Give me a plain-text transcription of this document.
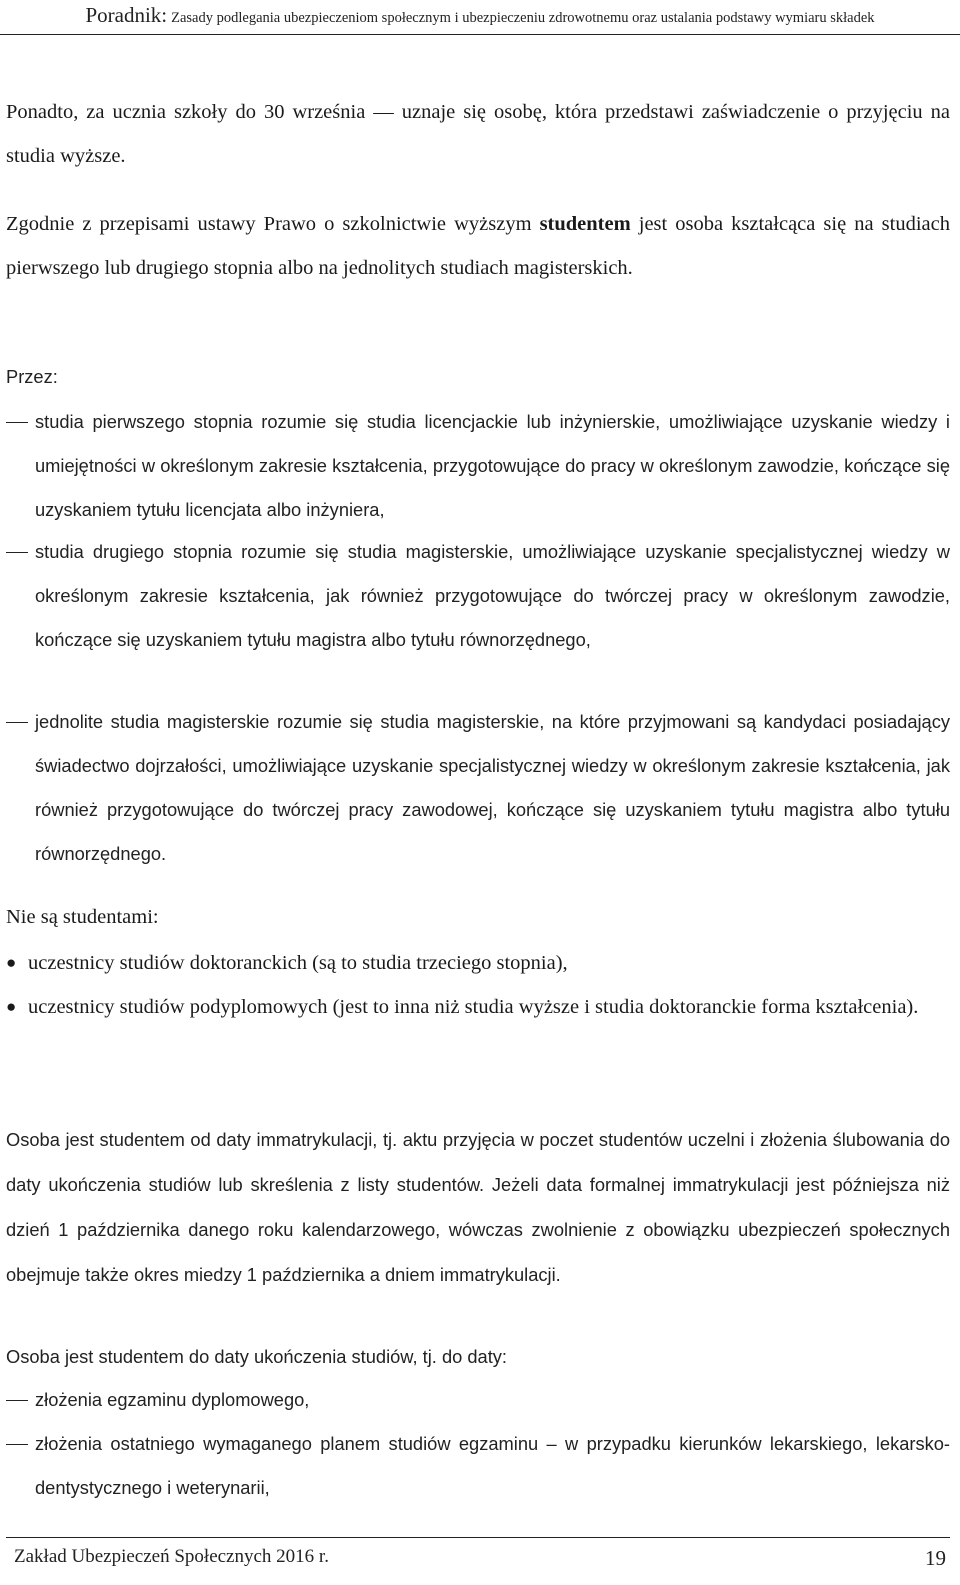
Poradnik: Zasady podlegania ubezpieczeniom społecznym i ubezpieczeniu zdrowotnemu oraz ustalania podstawy wymiaru składek

Ponadto, za ucznia szkoły do 30 września — uznaje się osobę, która przedstawi zaświadczenie o przyjęciu na studia wyższe.

Zgodnie z przepisami ustawy Prawo o szkolnictwie wyższym studentem jest osoba kształcąca się na studiach pierwszego lub drugiego stopnia albo na jednolitych studiach magisterskich.

Przez:

studia pierwszego stopnia rozumie się studia licencjackie lub inżynierskie, umożliwiające uzyskanie wiedzy i umiejętności w określonym zakresie kształcenia, przygotowujące do pracy w określonym zawodzie, kończące się uzyskaniem tytułu licencjata albo inżyniera,

studia drugiego stopnia rozumie się studia magisterskie, umożliwiające uzyskanie specjalistycznej wiedzy w określonym zakresie kształcenia, jak również przygotowujące do twórczej pracy w określonym zawodzie, kończące się uzyskaniem tytułu magistra albo tytułu równorzędnego,

jednolite studia magisterskie rozumie się studia magisterskie, na które przyjmowani są kandydaci posiadający świadectwo dojrzałości, umożliwiające uzyskanie specjalistycznej wiedzy w określonym zakresie kształcenia, jak również przygotowujące do twórczej pracy zawodowej, kończące się uzyskaniem tytułu magistra albo tytułu równorzędnego.

Nie są studentami:
● uczestnicy studiów doktoranckich (są to studia trzeciego stopnia),

● uczestnicy studiów podyplomowych (jest to inna niż studia wyższe i studia doktoranckie forma kształcenia).

Osoba jest studentem od daty immatrykulacji, tj. aktu przyjęcia w poczet studentów uczelni i złożenia ślubowania do daty ukończenia studiów lub skreślenia z listy studentów. Jeżeli data formalnej immatrykulacji jest późniejsza niż dzień 1 października danego roku kalendarzowego, wówczas zwolnienie z obowiązku ubezpieczeń społecznych obejmuje także okres miedzy 1 października a dniem immatrykulacji.

Osoba jest studentem do daty ukończenia studiów, tj. do daty:

złożenia egzaminu dyplomowego,

złożenia ostatniego wymaganego planem studiów egzaminu – w przypadku kierunków lekarskiego, lekarsko-dentystycznego i weterynarii,

Zakład Ubezpieczeń Społecznych 2016 r.	19
